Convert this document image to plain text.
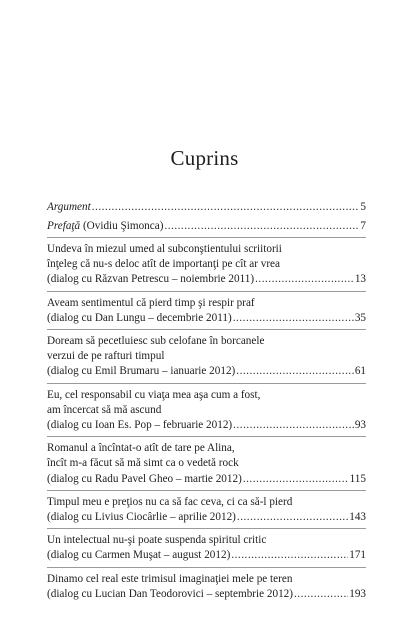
Cuprins
Argument .....	5
Prefaţă (Ovidiu Şimonca) .....	7
Undeva în miezul umed al subconştientului scriitorii
înţeleg că nu-s deloc atît de importanţi pe cît ar vrea
(dialog cu Răzvan Petrescu – noiembrie 2011) .....	13
Aveam sentimentul că pierd timp şi respir praf
(dialog cu Dan Lungu – decembrie 2011) .....	35
Doream să pecetluiesc sub celofane în borcanele
verzui de pe rafturi timpul
(dialog cu Emil Brumaru – ianuarie 2012) .....	61
Eu, cel responsabil cu viaţa mea aşa cum a fost,
am încercat să mă ascund
(dialog cu Ioan Es. Pop – februarie 2012) .....	93
Romanul a încîntat-o atît de tare pe Alina,
încît m-a făcut să mă simt ca o vedetă rock
(dialog cu Radu Pavel Gheo – martie 2012) .....	115
Timpul meu e preţios nu ca să fac ceva, ci ca să-l pierd
(dialog cu Livius Ciocârlie – aprilie 2012) .....	143
Un intelectual nu-şi poate suspenda spiritul critic
(dialog cu Carmen Muşat – august 2012) .....	171
Dinamo cel real este trimisul imaginaţiei mele pe teren
(dialog cu Lucian Dan Teodorovici – septembrie 2012) .....	193
